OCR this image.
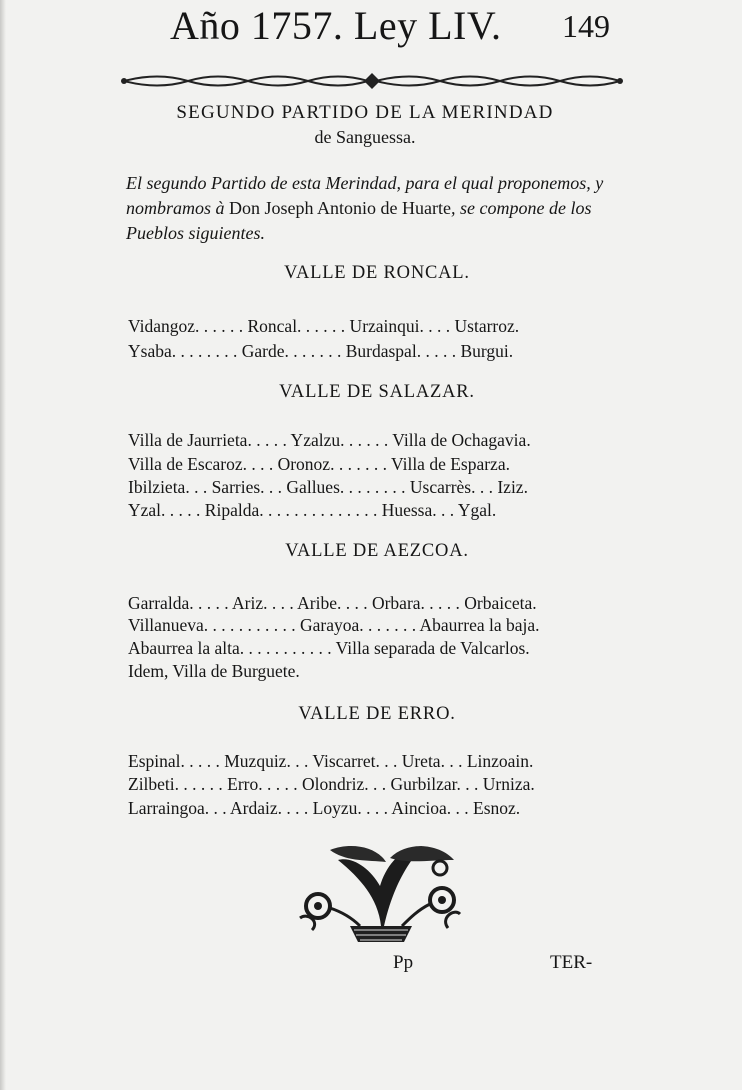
Año 1757. Ley LIV. 149
SEGUNDO PARTIDO DE LA MERINDAD
de Sanguessa.
El segundo Partido de esta Merindad, para el qual proponemos, y nombramos à Don Joseph Antonio de Huarte, se compone de los Pueblos siguientes.
VALLE DE RONCAL.
Vidangoz. . . . . . Roncal. . . . . . Urzainqui. . . . Ustarroz.
Ysaba. . . . . . . . Garde. . . . . . . Burdaspal. . . . . Burgui.
VALLE DE SALAZAR.
Villa de Jaurrieta. . . . . Yzalzu. . . . . . Villa de Ochagavia.
Villa de Escaroz. . . . Oronoz. . . . . . . Villa de Esparza.
Ibilzieta. . . Sarries. . . Gallues. . . . . . . . Uscarrès. . . Iziz.
Yzal. . . . . Ripalda. . . . . . . . . . . . . . Huessa. . . Ygal.
VALLE DE AEZCOA.
Garralda. . . . . Ariz. . . . Aribe. . . . Orbara. . . . . Orbaiceta.
Villanueva. . . . . . . . . . . Garayoa. . . . . . . Abaurrea la baja.
Abaurrea la alta. . . . . . . . . . . Villa separada de Valcarlos.
Idem, Villa de Burguete.
VALLE DE ERRO.
Espinal. . . . . Muzquiz. . . Viscarret. . . Ureta. . . Linzoain.
Zilbeti. . . . . . Erro. . . . . Olondriz. . . Gurbilzar. . . Urniza.
Larraingoa. . . Ardaiz. . . . Loyzu. . . . Aincioa. . . Esnoz.
Pp	TER-
